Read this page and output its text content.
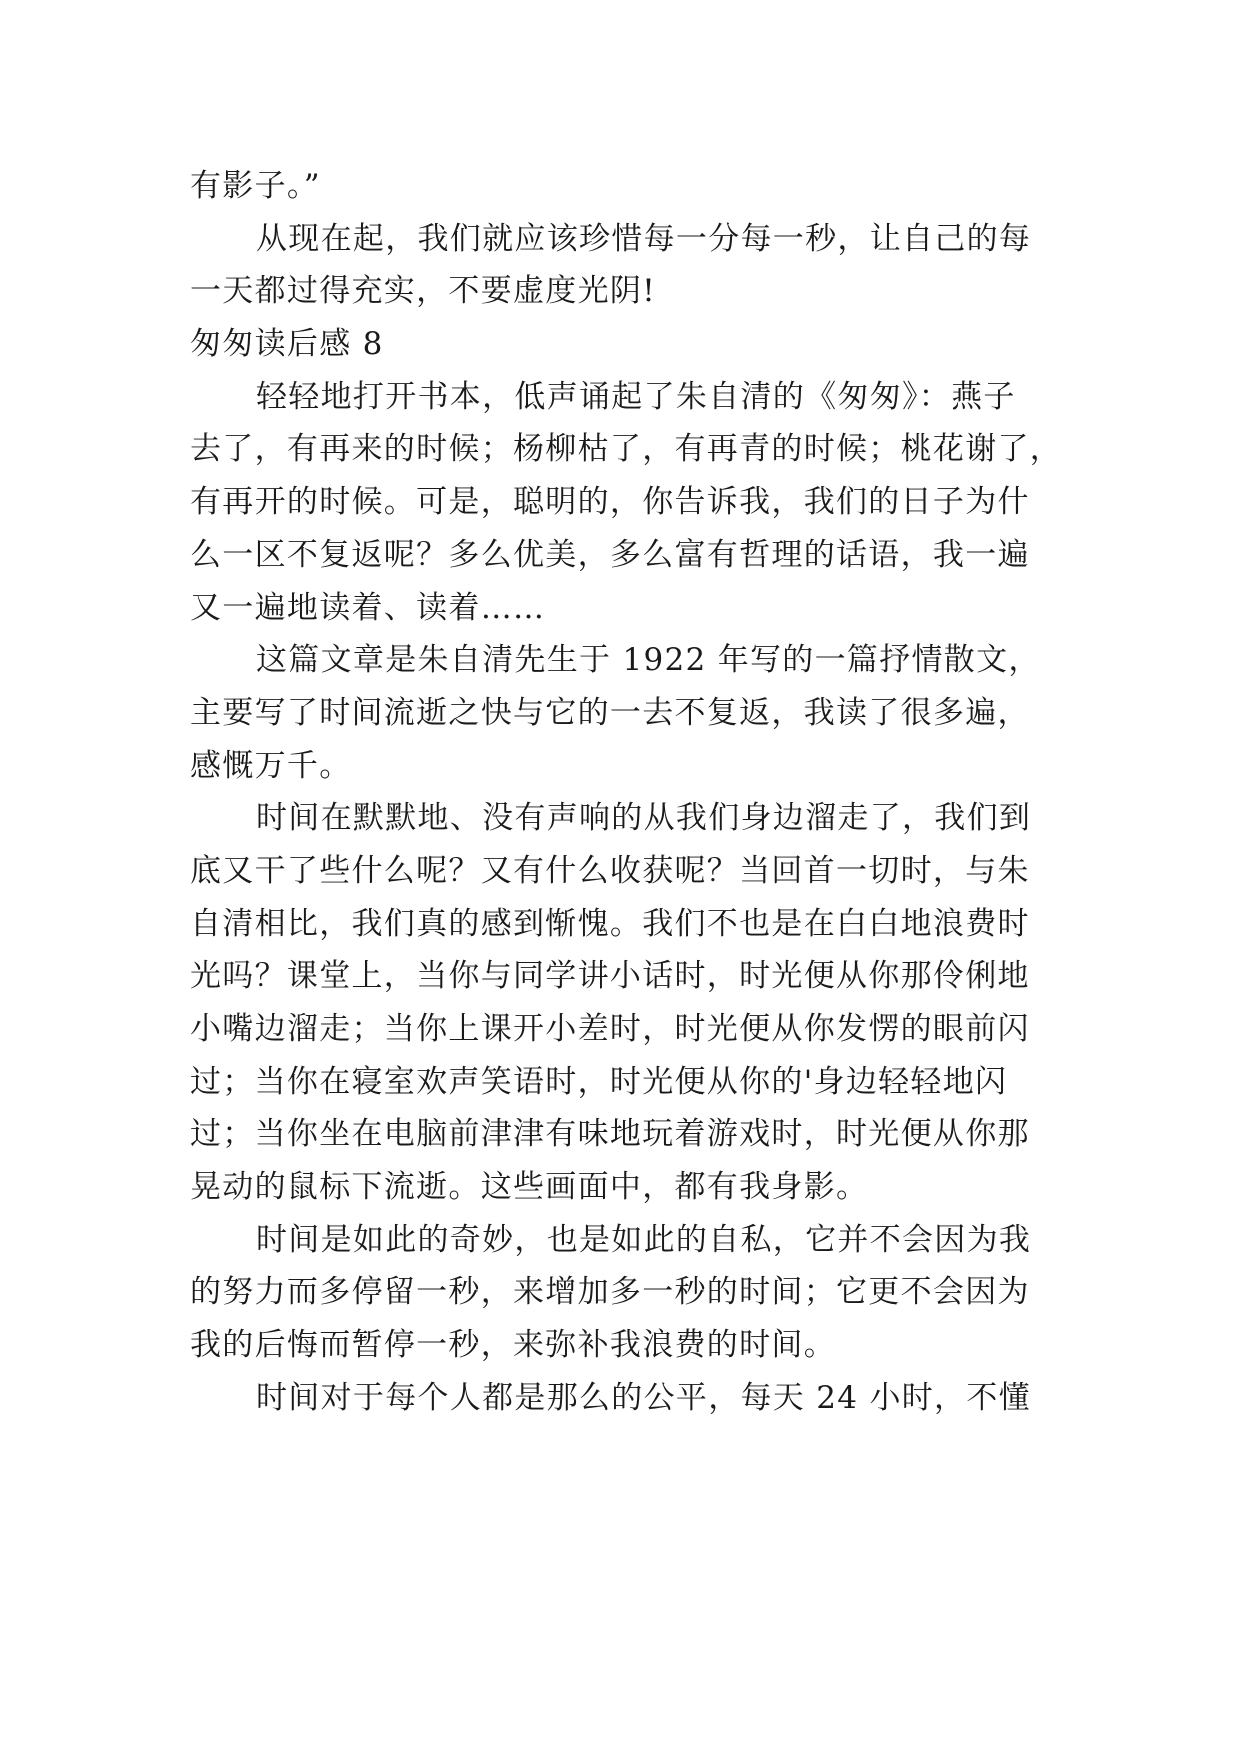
有影子。”
从现在起，我们就应该珍惜每一分每一秒，让自己的每
一天都过得充实，不要虚度光阴!
匆匆读后感 8
轻轻地打开书本，低声诵起了朱自清的《匆匆》：燕子
去了，有再来的时候；杨柳枯了，有再青的时候；桃花谢了，
有再开的时候。可是，聪明的，你告诉我，我们的日子为什
么一区不复返呢？多么优美，多么富有哲理的话语，我一遍
又一遍地读着、读着……
这篇文章是朱自清先生于 1922 年写的一篇抒情散文，
主要写了时间流逝之快与它的一去不复返，我读了很多遍，
感慨万千。
时间在默默地、没有声响的从我们身边溜走了，我们到
底又干了些什么呢？又有什么收获呢？当回首一切时，与朱
自清相比，我们真的感到惭愧。我们不也是在白白地浪费时
光吗？课堂上，当你与同学讲小话时，时光便从你那伶俐地
小嘴边溜走；当你上课开小差时，时光便从你发愣的眼前闪
过；当你在寝室欢声笑语时，时光便从你的'身边轻轻地闪
过；当你坐在电脑前津津有味地玩着游戏时，时光便从你那
晃动的鼠标下流逝。这些画面中，都有我身影。
时间是如此的奇妙，也是如此的自私，它并不会因为我
的努力而多停留一秒，来增加多一秒的时间；它更不会因为
我的后悔而暂停一秒，来弥补我浪费的时间。
时间对于每个人都是那么的公平，每天 24 小时，不懂
